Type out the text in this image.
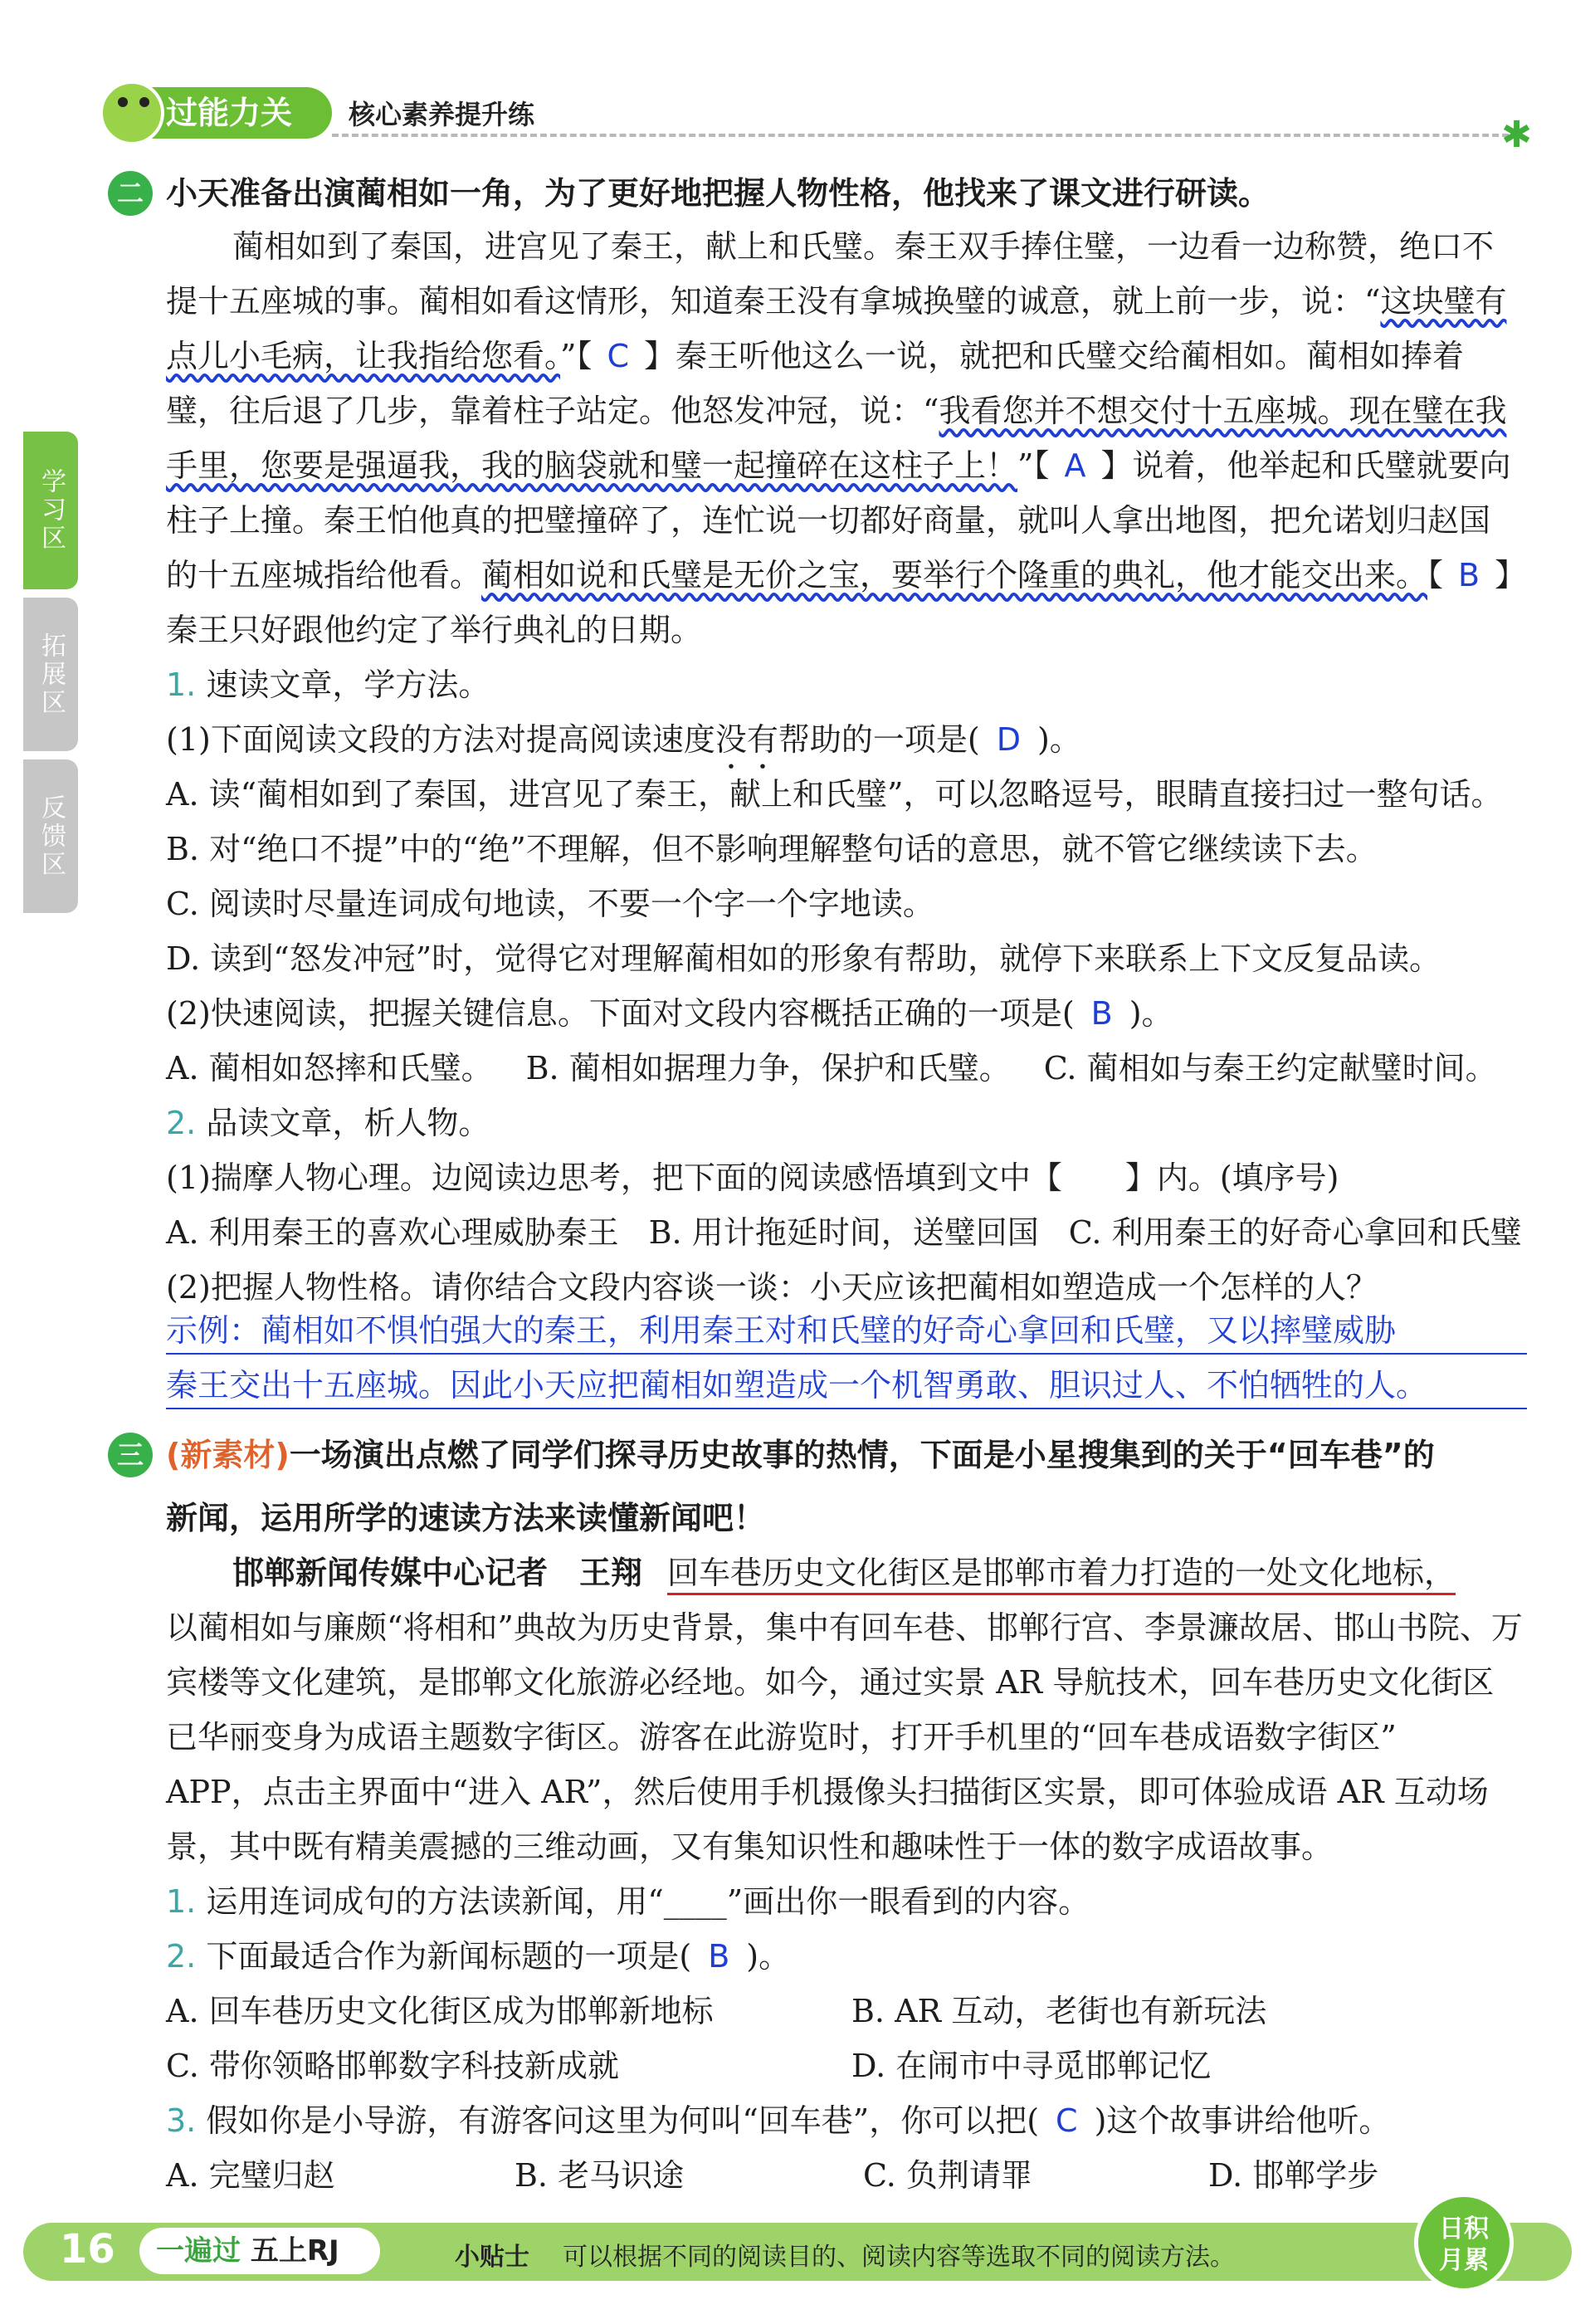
过能力关	核心素养提升练	✱
学习区
拓展区
反馈区
二 小天准备出演蔺相如一角，为了更好地把握人物性格，他找来了课文进行研读。
蔺相如到了秦国，进宫见了秦王，献上和氏璧。秦王双手捧住璧，一边看一边称赞，绝口不
提十五座城的事。蔺相如看这情形，知道秦王没有拿城换璧的诚意，就上前一步，说：“这块璧有
点儿小毛病，让我指给您看。”【 C 】秦王听他这么一说，就把和氏璧交给蔺相如。蔺相如捧着
璧，往后退了几步，靠着柱子站定。他怒发冲冠，说：“我看您并不想交付十五座城。现在璧在我
手里，您要是强逼我，我的脑袋就和璧一起撞碎在这柱子上！”【 A 】说着，他举起和氏璧就要向
柱子上撞。秦王怕他真的把璧撞碎了，连忙说一切都好商量，就叫人拿出地图，把允诺划归赵国
的十五座城指给他看。蔺相如说和氏璧是无价之宝，要举行个隆重的典礼，他才能交出来。【 B 】
秦王只好跟他约定了举行典礼的日期。
1. 速读文章，学方法。
(1)下面阅读文段的方法对提高阅读速度没有帮助的一项是( D )。
A. 读“蔺相如到了秦国，进宫见了秦王，献上和氏璧”，可以忽略逗号，眼睛直接扫过一整句话。
B. 对“绝口不提”中的“绝”不理解，但不影响理解整句话的意思，就不管它继续读下去。
C. 阅读时尽量连词成句地读，不要一个字一个字地读。
D. 读到“怒发冲冠”时，觉得它对理解蔺相如的形象有帮助，就停下来联系上下文反复品读。
(2)快速阅读，把握关键信息。下面对文段内容概括正确的一项是( B )。
A. 蔺相如怒摔和氏璧。 B. 蔺相如据理力争，保护和氏璧。 C. 蔺相如与秦王约定献璧时间。
2. 品读文章，析人物。
(1)揣摩人物心理。边阅读边思考，把下面的阅读感悟填到文中【　　】内。(填序号)
A. 利用秦王的喜欢心理威胁秦王 B. 用计拖延时间，送璧回国 C. 利用秦王的好奇心拿回和氏璧
(2)把握人物性格。请你结合文段内容谈一谈：小天应该把蔺相如塑造成一个怎样的人？
示例：蔺相如不惧怕强大的秦王，利用秦王对和氏璧的好奇心拿回和氏璧，又以摔璧威胁
秦王交出十五座城。因此小天应把蔺相如塑造成一个机智勇敢、胆识过人、不怕牺牲的人。
三 (新素材)一场演出点燃了同学们探寻历史故事的热情，下面是小星搜集到的关于“回车巷”的
新闻，运用所学的速读方法来读懂新闻吧！
邯郸新闻传媒中心记者　王翔 回车巷历史文化街区是邯郸市着力打造的一处文化地标，
以蔺相如与廉颇“将相和”典故为历史背景，集中有回车巷、邯郸行宫、李景濂故居、邯山书院、万
宾楼等文化建筑，是邯郸文化旅游必经地。如今，通过实景 AR 导航技术，回车巷历史文化街区
已华丽变身为成语主题数字街区。游客在此游览时，打开手机里的“回车巷成语数字街区”
APP，点击主界面中“进入 AR”，然后使用手机摄像头扫描街区实景，即可体验成语 AR 互动场
景，其中既有精美震撼的三维动画，又有集知识性和趣味性于一体的数字成语故事。
1. 运用连词成句的方法读新闻，用“____”画出你一眼看到的内容。
2. 下面最适合作为新闻标题的一项是( B )。
A. 回车巷历史文化街区成为邯郸新地标	B. AR 互动，老街也有新玩法
C. 带你领略邯郸数字科技新成就	D. 在闹市中寻觅邯郸记忆
3. 假如你是小导游，有游客问这里为何叫“回车巷”，你可以把( C )这个故事讲给他听。
A. 完璧归赵	B. 老马识途	C. 负荆请罪	D. 邯郸学步
16	一遍过 五上RJ	小贴士 可以根据不同的阅读目的、阅读内容等选取不同的阅读方法。
日积
月累
